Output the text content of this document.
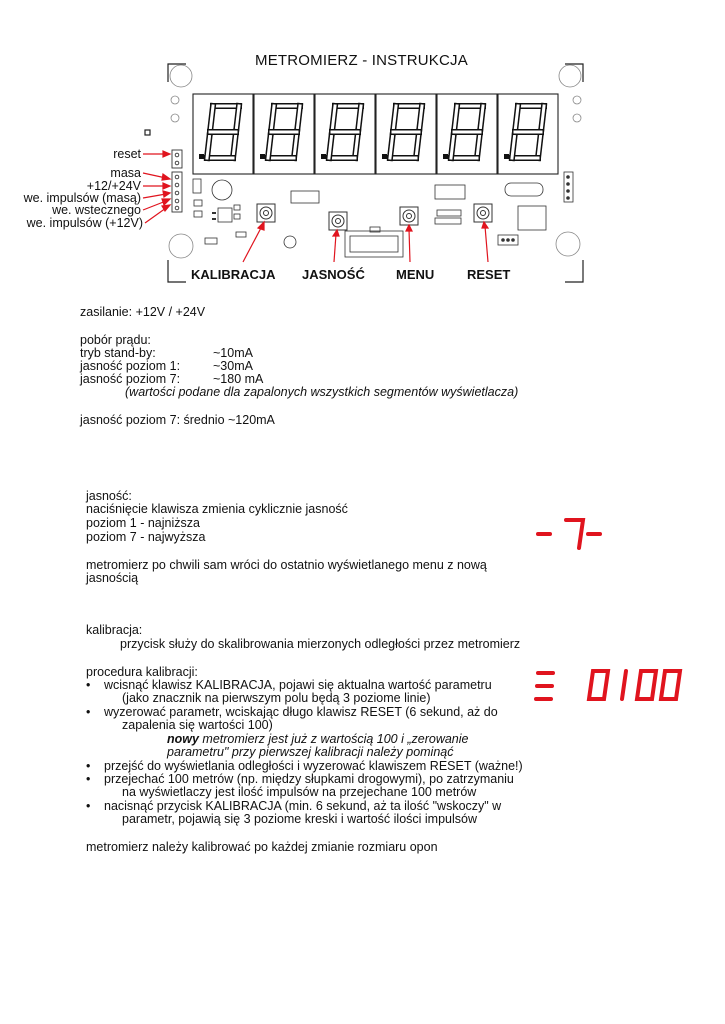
METROMIERZ - INSTRUKCJA
reset
masa
+12/+24V
we. impulsów (masą)
we. wstecznego
we. impulsów (+12V)
KALIBRACJA JASNOŚĆ MENU	RESET
zasilanie: +12V / +24V
pobór prądu:
tryb stand-by:	~10mA
jasność poziom 1:	~30mA
jasność poziom 7:	~180 mA
(wartości podane dla zapalonych wszystkich segmentów wyświetlacza)
jasność poziom 7: średnio ~120mA
jasność:
naciśnięcie klawisza zmienia cyklicznie jasność
poziom 1 - najniższa
poziom 7 - najwyższa
metromierz po chwili sam wróci do ostatnio wyświetlanego menu z nową
jasnością
kalibracja:
przycisk służy do skalibrowania mierzonych odległości przez metromierz
procedura kalibracji:
• wcisnąć klawisz KALIBRACJA, pojawi się aktualna wartość parametru
(jako znacznik na pierwszym polu będą 3 poziome linie)
• wyzerować parametr, wciskając długo klawisz RESET (6 sekund, aż do
zapalenia się wartości 100)
nowy metromierz jest już z wartością 100 i „zerowanie
parametru" przy pierwszej kalibracji należy pominąć
• przejść do wyświetlania odległości i wyzerować klawiszem RESET (ważne!)
• przejechać 100 metrów (np. między słupkami drogowymi), po zatrzymaniu
na wyświetlaczy jest ilość impulsów na przejechane 100 metrów
• nacisnąć przycisk KALIBRACJA (min. 6 sekund, aż ta ilość "wskoczy" w
parametr, pojawią się 3 poziome kreski i wartość ilości impulsów
metromierz należy kalibrować po każdej zmianie rozmiaru opon
